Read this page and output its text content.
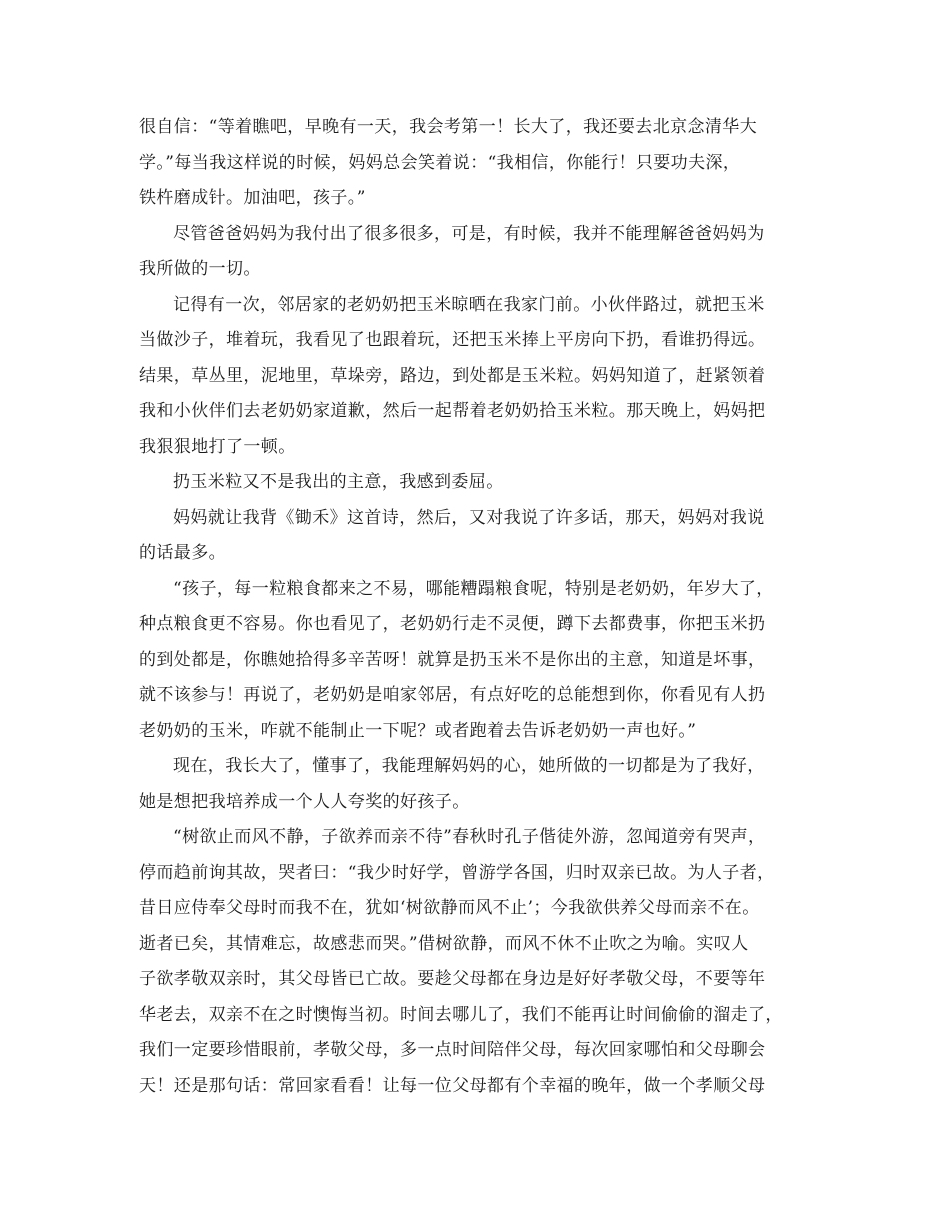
很自信：“等着瞧吧，早晚有一天，我会考第一！长大了，我还要去北京念清华大
学。”每当我这样说的时候，妈妈总会笑着说：“我相信，你能行！只要功夫深，
铁杵磨成针。加油吧，孩子。”
尽管爸爸妈妈为我付出了很多很多，可是，有时候，我并不能理解爸爸妈妈为
我所做的一切。
记得有一次，邻居家的老奶奶把玉米晾晒在我家门前。小伙伴路过，就把玉米
当做沙子，堆着玩，我看见了也跟着玩，还把玉米捧上平房向下扔，看谁扔得远。
结果，草丛里，泥地里，草垛旁，路边，到处都是玉米粒。妈妈知道了，赶紧领着
我和小伙伴们去老奶奶家道歉，然后一起帮着老奶奶拾玉米粒。那天晚上，妈妈把
我狠狠地打了一顿。
扔玉米粒又不是我出的主意，我感到委屈。
妈妈就让我背《锄禾》这首诗，然后，又对我说了许多话，那天，妈妈对我说
的话最多。
“孩子，每一粒粮食都来之不易，哪能糟蹋粮食呢，特别是老奶奶，年岁大了，
种点粮食更不容易。你也看见了，老奶奶行走不灵便，蹲下去都费事，你把玉米扔
的到处都是，你瞧她拾得多辛苦呀！就算是扔玉米不是你出的主意，知道是坏事，
就不该参与！再说了，老奶奶是咱家邻居，有点好吃的总能想到你，你看见有人扔
老奶奶的玉米，咋就不能制止一下呢？或者跑着去告诉老奶奶一声也好。”
现在，我长大了，懂事了，我能理解妈妈的心，她所做的一切都是为了我好，
她是想把我培养成一个人人夸奖的好孩子。
“树欲止而风不静，子欲养而亲不待”春秋时孔子偕徒外游，忽闻道旁有哭声，
停而趋前询其故，哭者曰：“我少时好学，曾游学各国，归时双亲已故。为人子者，
昔日应侍奉父母时而我不在，犹如‘树欲静而风不止’；今我欲供养父母而亲不在。
逝者已矣，其情难忘，故感悲而哭。”借树欲静，而风不休不止吹之为喻。实叹人
子欲孝敬双亲时，其父母皆已亡故。要趁父母都在身边是好好孝敬父母，不要等年
华老去，双亲不在之时懊悔当初。时间去哪儿了，我们不能再让时间偷偷的溜走了，
我们一定要珍惜眼前，孝敬父母，多一点时间陪伴父母，每次回家哪怕和父母聊会
天！还是那句话：常回家看看！让每一位父母都有个幸福的晚年，做一个孝顺父母
